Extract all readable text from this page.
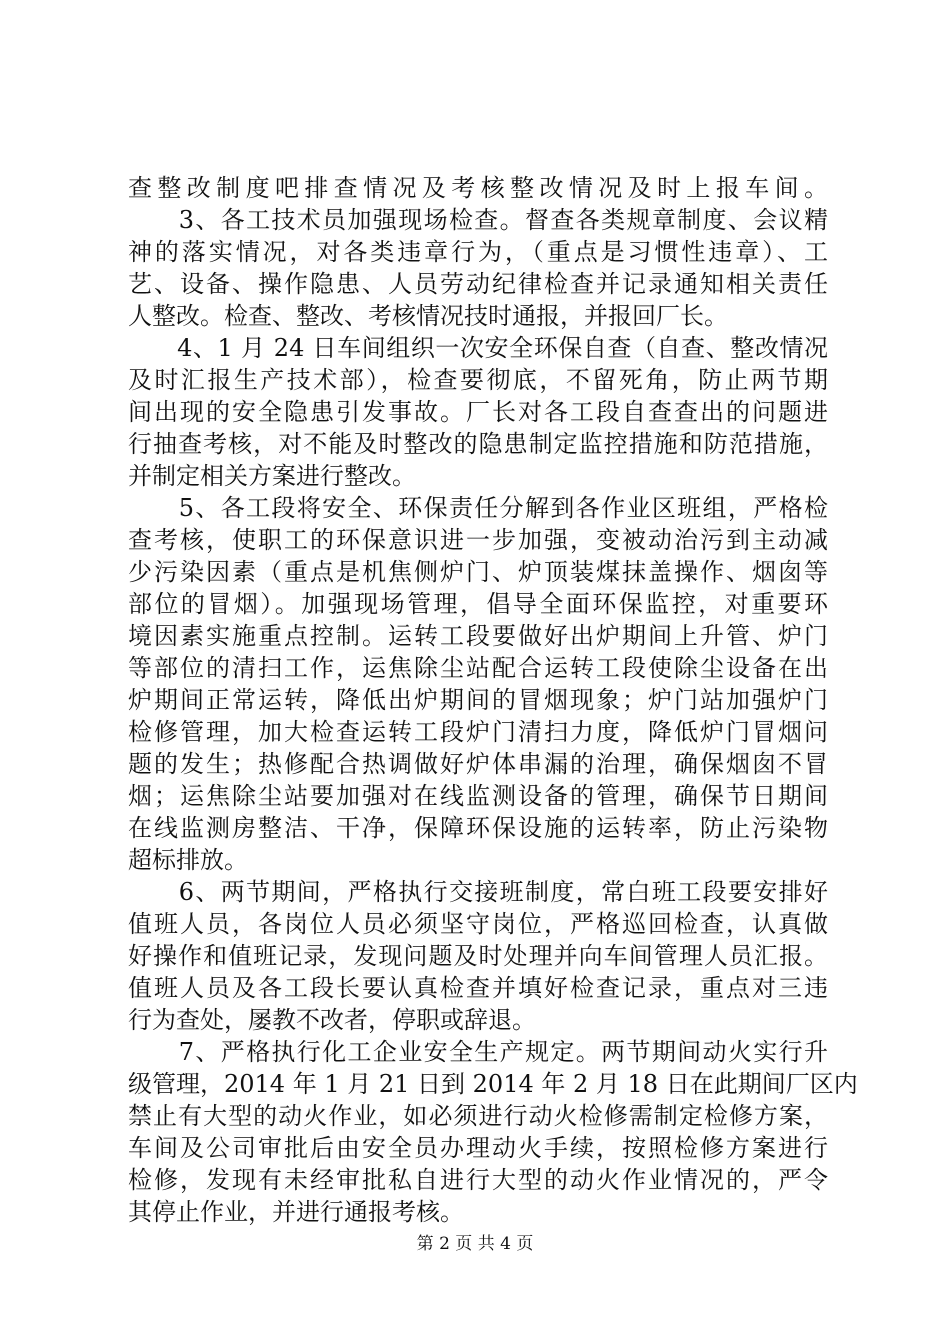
查整改制度吧排查情况及考核整改情况及时上报车间。
　　3、各工技术员加强现场检查。督查各类规章制度、会议精
神的落实情况，对各类违章行为，（重点是习惯性违章）、工
艺、设备、操作隐患、人员劳动纪律检查并记录通知相关责任
人整改。检查、整改、考核情况技时通报，并报回厂长。
　　4、1 月 24 日车间组织一次安全环保自查（自查、整改情况
及时汇报生产技术部），检查要彻底，不留死角，防止两节期
间出现的安全隐患引发事故。厂长对各工段自查查出的问题进
行抽查考核，对不能及时整改的隐患制定监控措施和防范措施，
并制定相关方案进行整改。
　　5、各工段将安全、环保责任分解到各作业区班组，严格检
查考核，使职工的环保意识进一步加强，变被动治污到主动减
少污染因素（重点是机焦侧炉门、炉顶装煤抹盖操作、烟囱等
部位的冒烟）。加强现场管理，倡导全面环保监控，对重要环
境因素实施重点控制。运转工段要做好出炉期间上升管、炉门
等部位的清扫工作，运焦除尘站配合运转工段使除尘设备在出
炉期间正常运转，降低出炉期间的冒烟现象；炉门站加强炉门
检修管理，加大检查运转工段炉门清扫力度，降低炉门冒烟问
题的发生；热修配合热调做好炉体串漏的治理，确保烟囱不冒
烟；运焦除尘站要加强对在线监测设备的管理，确保节日期间
在线监测房整洁、干净，保障环保设施的运转率，防止污染物
超标排放。
　　6、两节期间，严格执行交接班制度，常白班工段要安排好
值班人员，各岗位人员必须坚守岗位，严格巡回检查，认真做
好操作和值班记录，发现问题及时处理并向车间管理人员汇报。
值班人员及各工段长要认真检查并填好检查记录，重点对三违
行为查处，屡教不改者，停职或辞退。
　　7、严格执行化工企业安全生产规定。两节期间动火实行升
级管理，2014 年 1 月 21 日到 2014 年 2 月 18 日在此期间厂区内
禁止有大型的动火作业，如必须进行动火检修需制定检修方案，
车间及公司审批后由安全员办理动火手续，按照检修方案进行
检修，发现有未经审批私自进行大型的动火作业情况的，严令
其停止作业，并进行通报考核。
第 2 页 共 4 页
